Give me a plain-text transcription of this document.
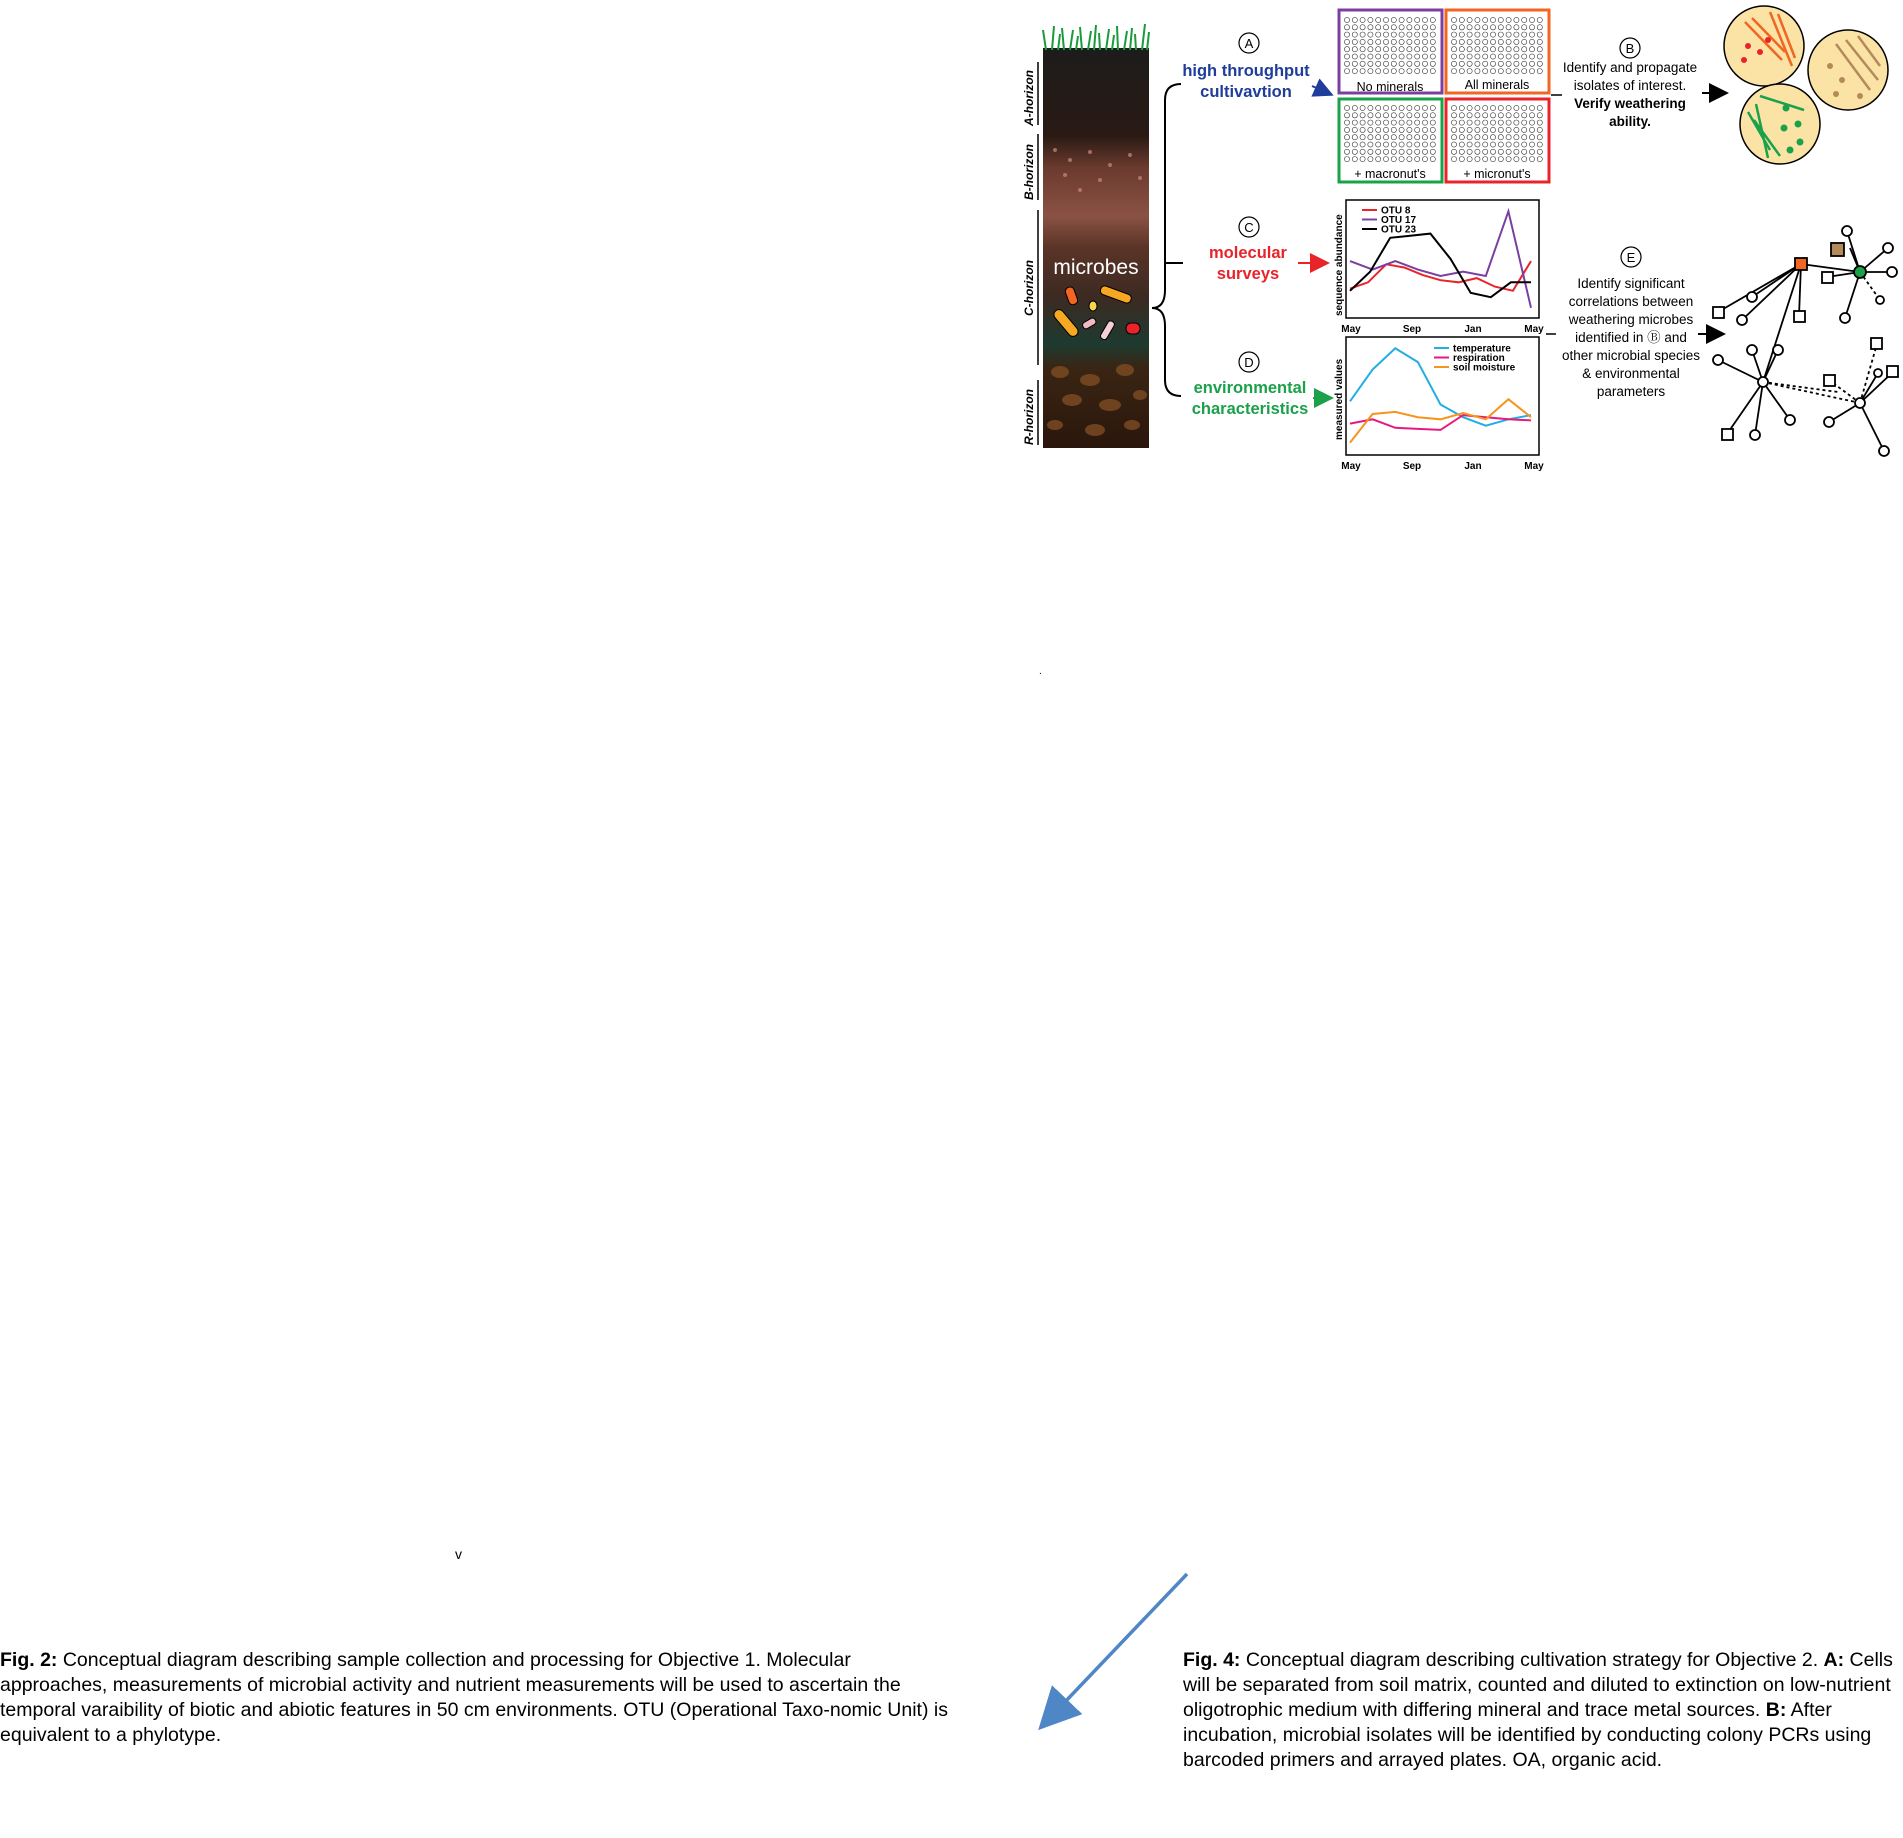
microbes
A-horizon
B-horizon
C-horizon
R-horizon
A
high throughput
cultivavtion	No minerals	All minerals
+ macronut's	+ micronut's
B
Identify and propagate
isolates of interest.
Verify weathering
ability.
C
molecular
surveys	sequence abundance
OTU 8
OTU 17
OTU 23
May	Sep	Jan	May
D
environmental
characteristics	measured values
temperature
respiration
soil moisture
May	Sep	Jan	May
E
Identify significant
correlations between
weathering microbes
identified in Ⓑ and
other microbial species
& environmental
parameters
v
.
Fig. 2: Conceptual diagram describing sample collection and processing for Objective 1. Molecular approaches, measurements of microbial activity and nutrient measurements will be used to ascertain the temporal varaibility of biotic and abiotic features in 50 cm environments. OTU (Operational Taxo-nomic Unit) is equivalent to a phylotype.
Fig. 4: Conceptual diagram describing cultivation strategy for Objective 2. A: Cells will be separated from soil matrix, counted and diluted to extinction on low-nutrient oligotrophic medium with differing mineral and trace metal sources. B: After incubation, microbial isolates will be identified by conducting colony PCRs using barcoded primers and arrayed plates. OA, organic acid.
